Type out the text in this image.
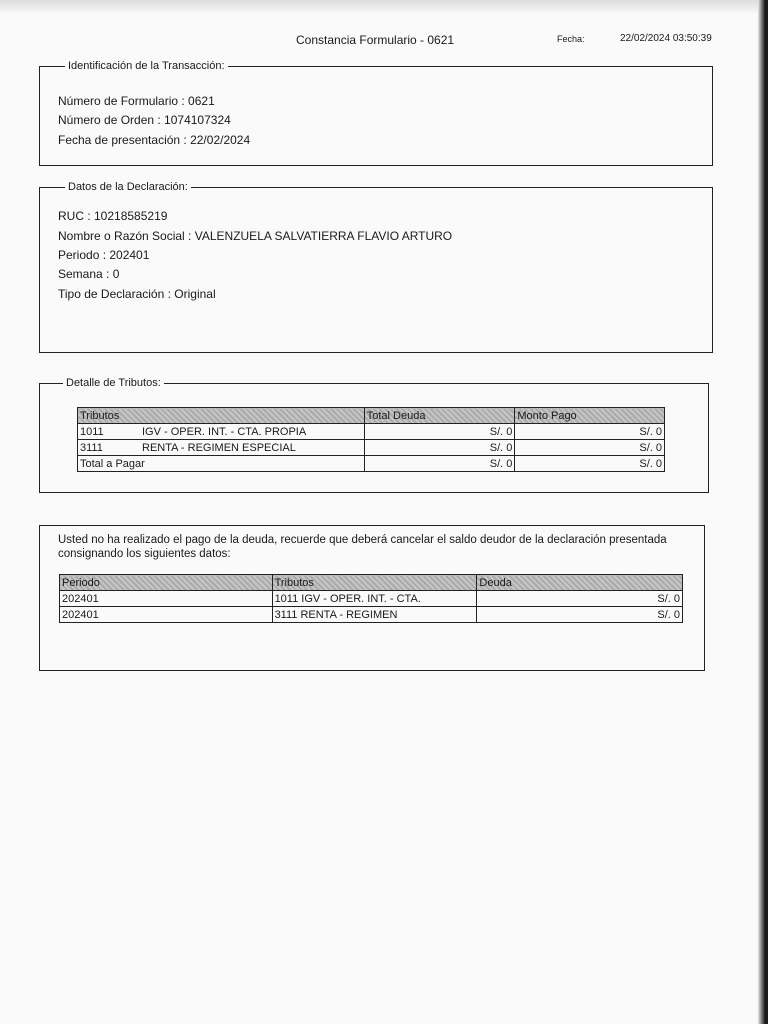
Constancia Formulario - 0621	Fecha:	22/02/2024 03:50:39
Identificación de la Transacción:
Número de Formulario : 0621
Número de Orden : 1074107324
Fecha de presentación : 22/02/2024
Datos de la Declaración:
RUC : 10218585219
Nombre o Razón Social : VALENZUELA SALVATIERRA FLAVIO ARTURO
Periodo : 202401
Semana : 0
Tipo de Declaración : Original
Detalle de Tributos:
Tributos	Total Deuda	Monto Pago
1011 IGV - OPER. INT. - CTA. PROPIA	S/. 0	S/. 0
3111 RENTA - REGIMEN ESPECIAL	S/. 0	S/. 0
Total a Pagar	S/. 0	S/. 0
Usted no ha realizado el pago de la deuda, recuerde que deberá cancelar el saldo deudor de la declaración presentada consignando los siguientes datos:
Periodo	Tributos	Deuda
202401	1011 IGV - OPER. INT. - CTA.	S/. 0
202401	3111 RENTA - REGIMEN	S/. 0
